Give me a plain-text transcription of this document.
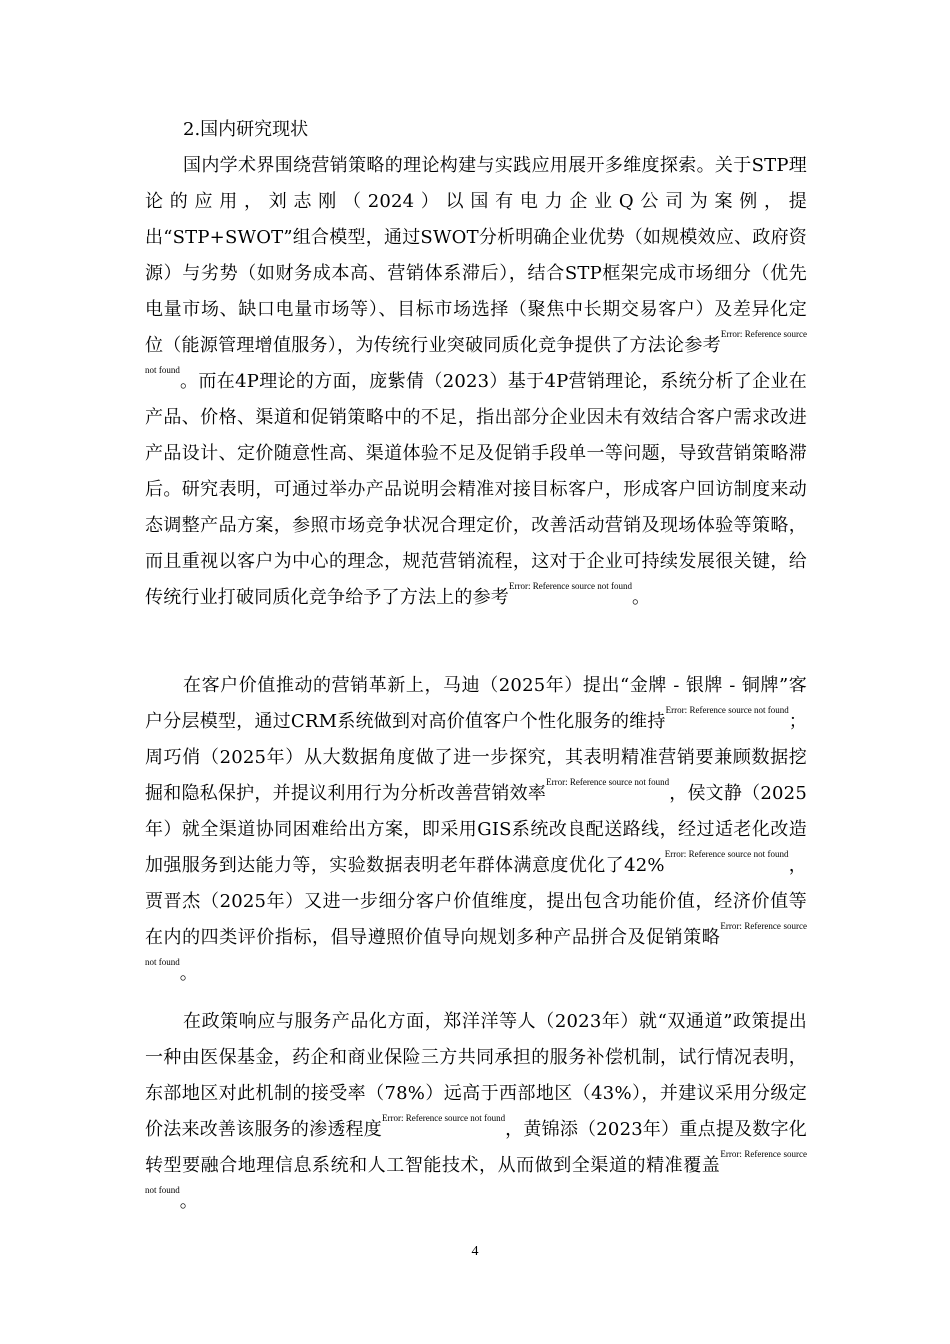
2.国内研究现状

国内学术界围绕营销策略的理论构建与实践应用展开多维度探索。关于STP理论的应用，刘志刚（2024）以国有电力企业Q公司为案例，提出“STP+SWOT”组合模型，通过SWOT分析明确企业优势（如规模效应、政府资源）与劣势（如财务成本高、营销体系滞后），结合STP框架完成市场细分（优先电量市场、缺口电量市场等）、目标市场选择（聚焦中长期交易客户）及差异化定位（能源管理增值服务），为传统行业突破同质化竞争提供了方法论参考$^{Error: Reference source not found}$。而在4P理论的方面，庞紫倩（2023）基于4P营销理论，系统分析了企业在产品、价格、渠道和促销策略中的不足，指出部分企业因未有效结合客户需求改进产品设计、定价随意性高、渠道体验不足及促销手段单一等问题，导致营销策略滞后。研究表明，可通过举办产品说明会精准对接目标客户，形成客户回访制度来动态调整产品方案，参照市场竞争状况合理定价，改善活动营销及现场体验等策略，而且重视以客户为中心的理念，规范营销流程，这对于企业可持续发展很关键，给传统行业打破同质化竞争给予了方法上的参考$^{Error: Reference source not found}$。

在客户价值推动的营销革新上，马迪（2025年）提出“金牌 - 银牌 - 铜牌”客户分层模型，通过CRM系统做到对高价值客户个性化服务的维持$^{Error: Reference source not found}$；周巧俏（2025年）从大数据角度做了进一步探究，其表明精准营销要兼顾数据挖掘和隐私保护，并提议利用行为分析改善营销效率$^{Error: Reference source not found}$，侯文静（2025年）就全渠道协同困难给出方案，即采用GIS系统改良配送路线，经过适老化改造加强服务到达能力等，实验数据表明老年群体满意度优化了42%$^{Error: Reference source not found}$，贾晋杰（2025年）又进一步细分客户价值维度，提出包含功能价值，经济价值等在内的四类评价指标，倡导遵照价值导向规划多种产品拼合及促销策略$^{Error: Reference source not found}$。

在政策响应与服务产品化方面，郑洋洋等人（2023年）就“双通道”政策提出一种由医保基金，药企和商业保险三方共同承担的服务补偿机制，试行情况表明，东部地区对此机制的接受率（78%）远高于西部地区（43%），并建议采用分级定价法来改善该服务的渗透程度$^{Error: Reference source not found}$，黄锦添（2023年）重点提及数字化转型要融合地理信息系统和人工智能技术，从而做到全渠道的精准覆盖$^{Error: Reference source not found}$。

4
